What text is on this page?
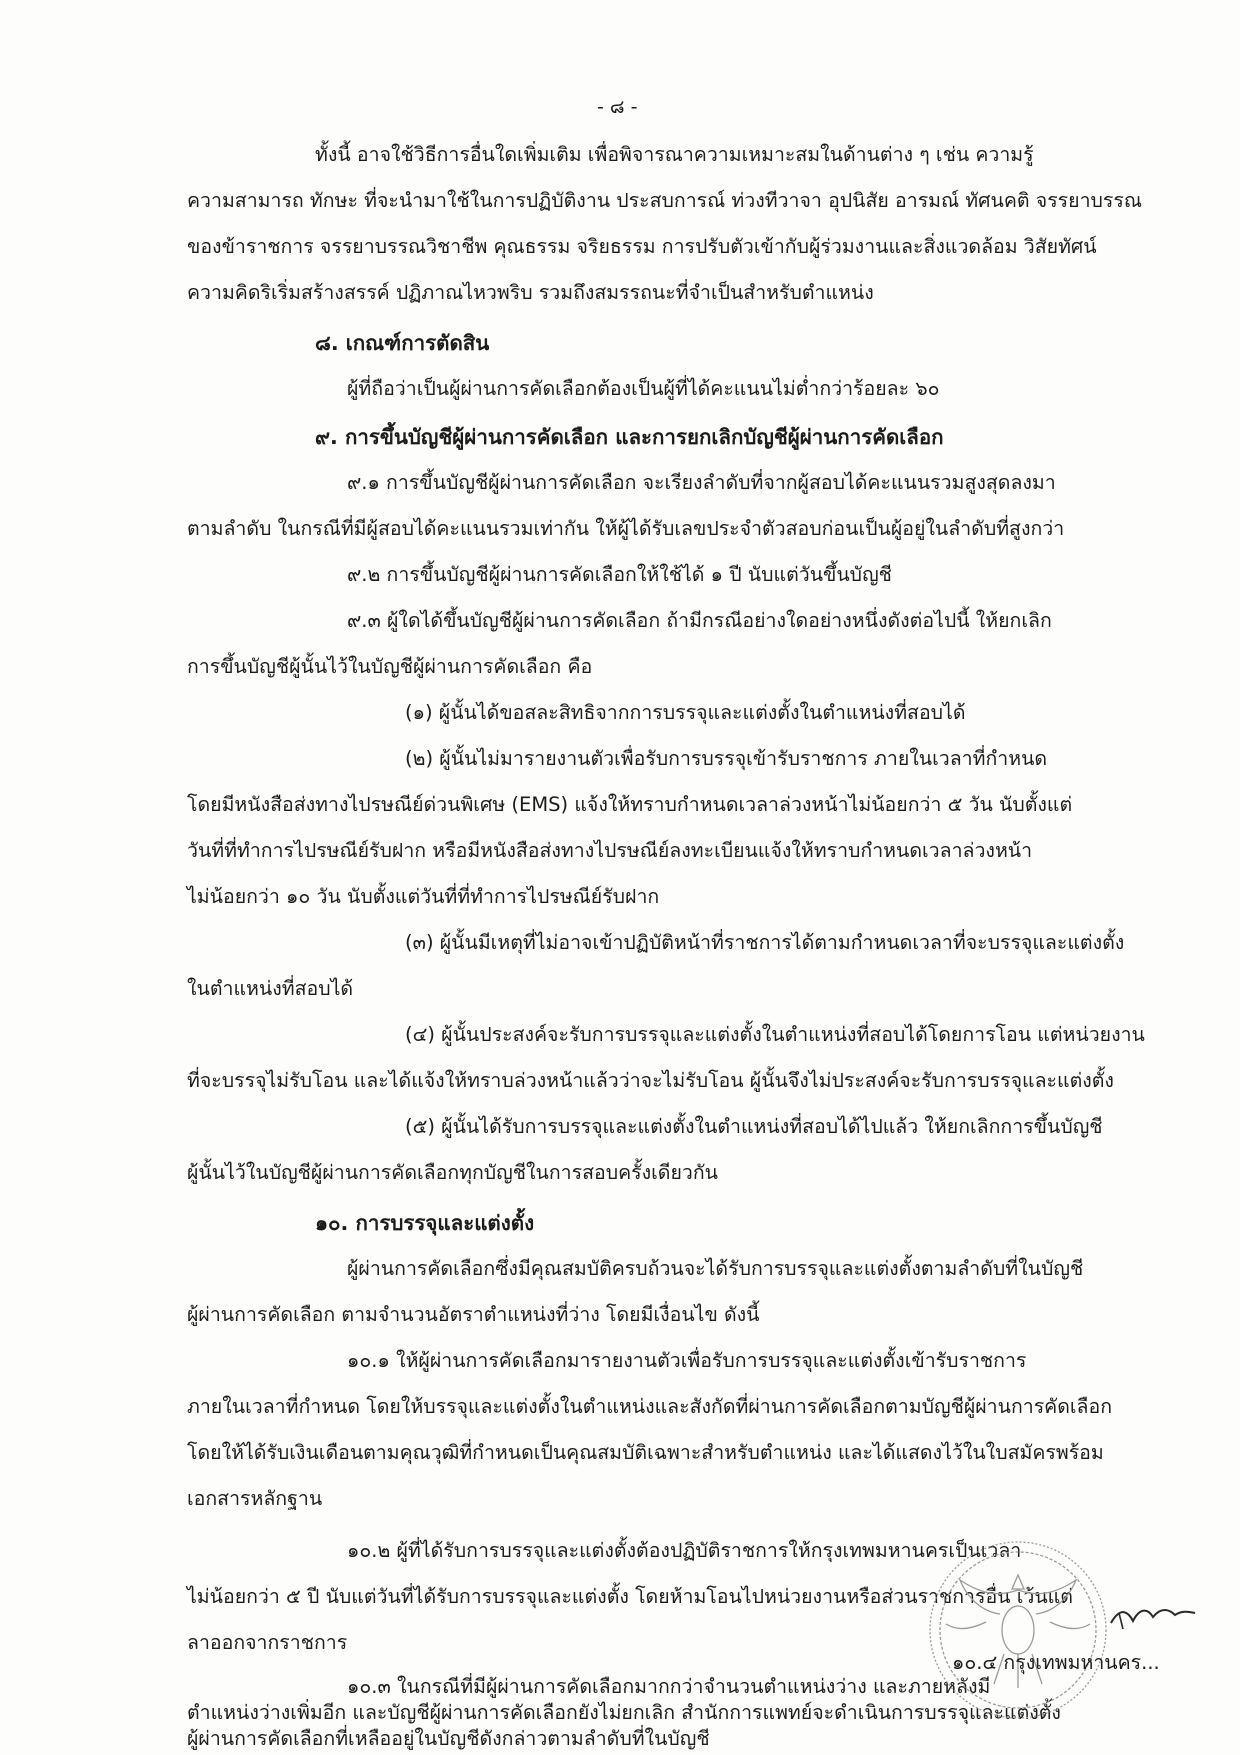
- ๘ -
ทั้งนี้ อาจใช้วิธีการอื่นใดเพิ่มเติม เพื่อพิจารณาความเหมาะสมในด้านต่าง ๆ เช่น ความรู้
ความสามารถ ทักษะ ที่จะนำมาใช้ในการปฏิบัติงาน ประสบการณ์ ท่วงทีวาจา อุปนิสัย อารมณ์ ทัศนคติ จรรยาบรรณ
ของข้าราชการ จรรยาบรรณวิชาชีพ คุณธรรม จริยธรรม การปรับตัวเข้ากับผู้ร่วมงานและสิ่งแวดล้อม วิสัยทัศน์
ความคิดริเริ่มสร้างสรรค์ ปฏิภาณไหวพริบ รวมถึงสมรรถนะที่จำเป็นสำหรับตำแหน่ง
๘. เกณฑ์การตัดสิน
ผู้ที่ถือว่าเป็นผู้ผ่านการคัดเลือกต้องเป็นผู้ที่ได้คะแนนไม่ต่ำกว่าร้อยละ ๖๐
๙. การขึ้นบัญชีผู้ผ่านการคัดเลือก และการยกเลิกบัญชีผู้ผ่านการคัดเลือก
๙.๑ การขึ้นบัญชีผู้ผ่านการคัดเลือก จะเรียงลำดับที่จากผู้สอบได้คะแนนรวมสูงสุดลงมา
ตามลำดับ ในกรณีที่มีผู้สอบได้คะแนนรวมเท่ากัน ให้ผู้ได้รับเลขประจำตัวสอบก่อนเป็นผู้อยู่ในลำดับที่สูงกว่า
๙.๒ การขึ้นบัญชีผู้ผ่านการคัดเลือกให้ใช้ได้ ๑ ปี นับแต่วันขึ้นบัญชี
๙.๓ ผู้ใดได้ขึ้นบัญชีผู้ผ่านการคัดเลือก ถ้ามีกรณีอย่างใดอย่างหนึ่งดังต่อไปนี้ ให้ยกเลิก
การขึ้นบัญชีผู้นั้นไว้ในบัญชีผู้ผ่านการคัดเลือก คือ
(๑) ผู้นั้นได้ขอสละสิทธิจากการบรรจุและแต่งตั้งในตำแหน่งที่สอบได้
(๒) ผู้นั้นไม่มารายงานตัวเพื่อรับการบรรจุเข้ารับราชการ ภายในเวลาที่กำหนด
โดยมีหนังสือส่งทางไปรษณีย์ด่วนพิเศษ (EMS) แจ้งให้ทราบกำหนดเวลาล่วงหน้าไม่น้อยกว่า ๕ วัน นับตั้งแต่
วันที่ที่ทำการไปรษณีย์รับฝาก หรือมีหนังสือส่งทางไปรษณีย์ลงทะเบียนแจ้งให้ทราบกำหนดเวลาล่วงหน้า
ไม่น้อยกว่า ๑๐ วัน นับตั้งแต่วันที่ที่ทำการไปรษณีย์รับฝาก
(๓) ผู้นั้นมีเหตุที่ไม่อาจเข้าปฏิบัติหน้าที่ราชการได้ตามกำหนดเวลาที่จะบรรจุและแต่งตั้ง
ในตำแหน่งที่สอบได้
(๔) ผู้นั้นประสงค์จะรับการบรรจุและแต่งตั้งในตำแหน่งที่สอบได้โดยการโอน แต่หน่วยงาน
ที่จะบรรจุไม่รับโอน และได้แจ้งให้ทราบล่วงหน้าแล้วว่าจะไม่รับโอน ผู้นั้นจึงไม่ประสงค์จะรับการบรรจุและแต่งตั้ง
(๕) ผู้นั้นได้รับการบรรจุและแต่งตั้งในตำแหน่งที่สอบได้ไปแล้ว ให้ยกเลิกการขึ้นบัญชี
ผู้นั้นไว้ในบัญชีผู้ผ่านการคัดเลือกทุกบัญชีในการสอบครั้งเดียวกัน
๑๐. การบรรจุและแต่งตั้ง
ผู้ผ่านการคัดเลือกซึ่งมีคุณสมบัติครบถ้วนจะได้รับการบรรจุและแต่งตั้งตามลำดับที่ในบัญชี
ผู้ผ่านการคัดเลือก ตามจำนวนอัตราตำแหน่งที่ว่าง โดยมีเงื่อนไข ดังนี้
๑๐.๑ ให้ผู้ผ่านการคัดเลือกมารายงานตัวเพื่อรับการบรรจุและแต่งตั้งเข้ารับราชการ
ภายในเวลาที่กำหนด โดยให้บรรจุและแต่งตั้งในตำแหน่งและสังกัดที่ผ่านการคัดเลือกตามบัญชีผู้ผ่านการคัดเลือก
โดยให้ได้รับเงินเดือนตามคุณวุฒิที่กำหนดเป็นคุณสมบัติเฉพาะสำหรับตำแหน่ง และได้แสดงไว้ในใบสมัครพร้อม
เอกสารหลักฐาน
๑๐.๒ ผู้ที่ได้รับการบรรจุและแต่งตั้งต้องปฏิบัติราชการให้กรุงเทพมหานครเป็นเวลา
ไม่น้อยกว่า ๕ ปี นับแต่วันที่ได้รับการบรรจุและแต่งตั้ง โดยห้ามโอนไปหน่วยงานหรือส่วนราชการอื่น เว้นแต่
ลาออกจากราชการ
๑๐.๓ ในกรณีที่มีผู้ผ่านการคัดเลือกมากกว่าจำนวนตำแหน่งว่าง และภายหลังมี
ตำแหน่งว่างเพิ่มอีก และบัญชีผู้ผ่านการคัดเลือกยังไม่ยกเลิก สำนักการแพทย์จะดำเนินการบรรจุและแต่งตั้ง
ผู้ผ่านการคัดเลือกที่เหลืออยู่ในบัญชีดังกล่าวตามลำดับที่ในบัญชี
๑๐.๔ กรุงเทพมหานคร...
